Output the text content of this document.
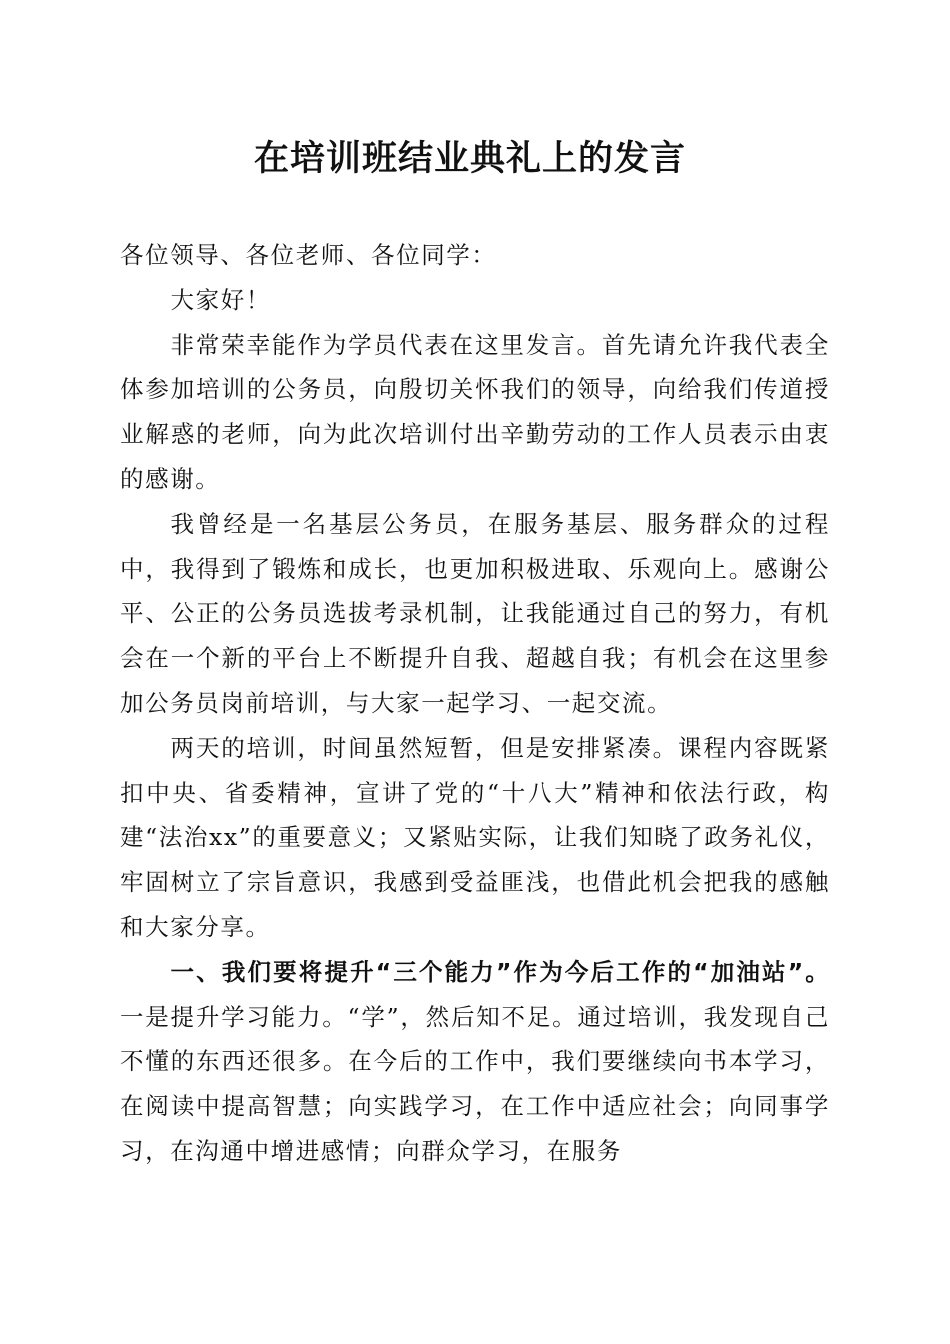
在培训班结业典礼上的发言

各位领导、各位老师、各位同学：

大家好！

非常荣幸能作为学员代表在这里发言。首先请允许我代表全体参加培训的公务员，向殷切关怀我们的领导，向给我们传道授业解惑的老师，向为此次培训付出辛勤劳动的工作人员表示由衷的感谢。

我曾经是一名基层公务员，在服务基层、服务群众的过程中，我得到了锻炼和成长，也更加积极进取、乐观向上。感谢公平、公正的公务员选拔考录机制，让我能通过自己的努力，有机会在一个新的平台上不断提升自我、超越自我；有机会在这里参加公务员岗前培训，与大家一起学习、一起交流。

两天的培训，时间虽然短暂，但是安排紧凑。课程内容既紧扣中央、省委精神，宣讲了党的“十八大”精神和依法行政，构建“法治xx”的重要意义；又紧贴实际，让我们知晓了政务礼仪，牢固树立了宗旨意识，我感到受益匪浅，也借此机会把我的感触和大家分享。

一、我们要将提升“三个能力”作为今后工作的“加油站”。一是提升学习能力。“学”，然后知不足。通过培训，我发现自己不懂的东西还很多。在今后的工作中，我们要继续向书本学习，在阅读中提高智慧；向实践学习，在工作中适应社会；向同事学习，在沟通中增进感情；向群众学习，在服务
